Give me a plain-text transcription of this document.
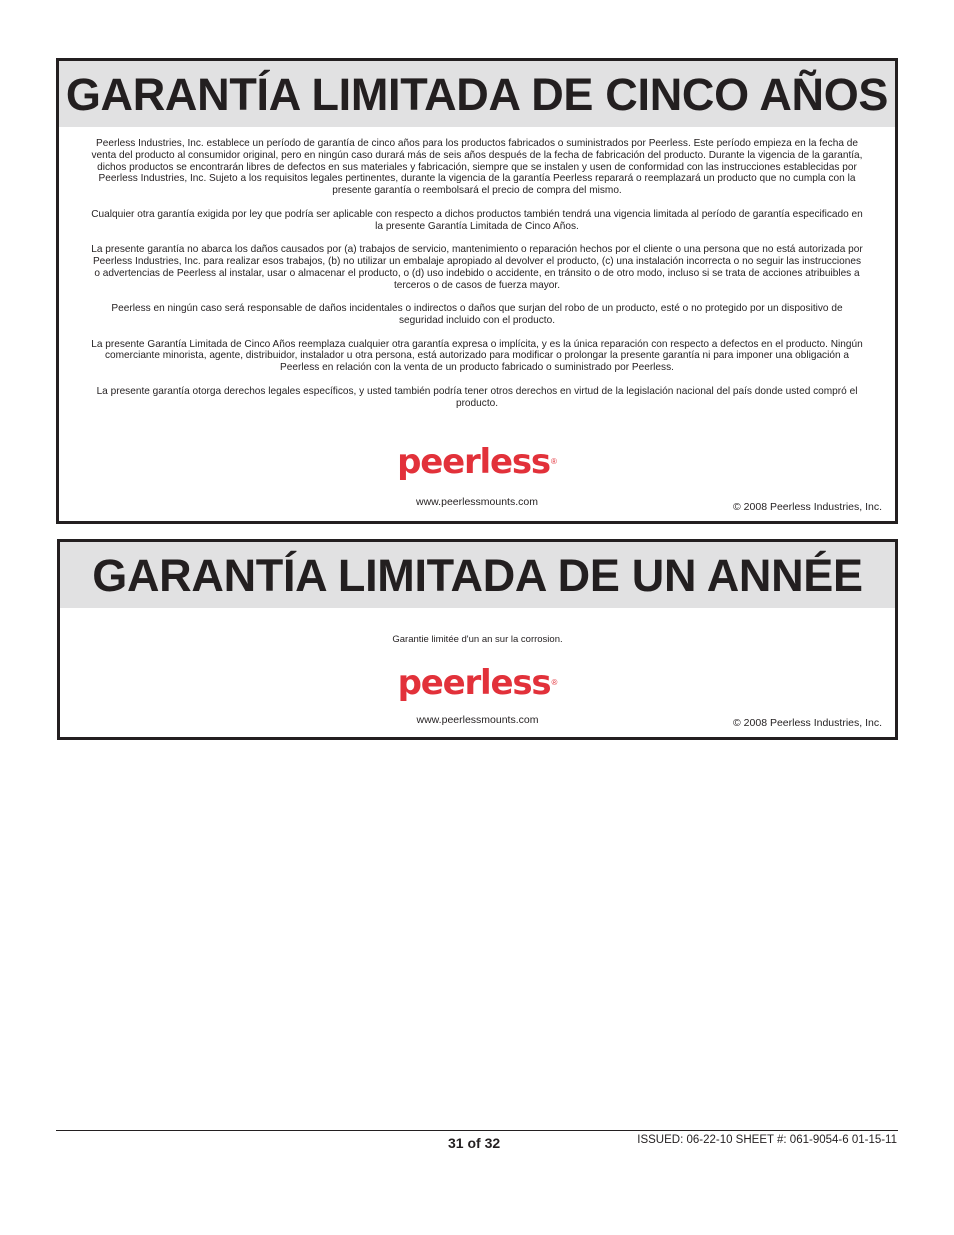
GARANTÍA LIMITADA DE CINCO AÑOS

Peerless Industries, Inc. establece un período de garantía de cinco años para los productos fabricados o suministrados por Peerless. Este período empieza en la fecha de venta del producto al consumidor original, pero en ningún caso durará más de seis años después de la fecha de fabricación del producto. Durante la vigencia de la garantía, dichos productos se encontrarán libres de defectos en sus materiales y fabricación, siempre que se instalen y usen de conformidad con las instrucciones establecidas por Peerless Industries, Inc. Sujeto a los requisitos legales pertinentes, durante la vigencia de la garantía Peerless reparará o reemplazará un producto que no cumpla con la presente garantía o reembolsará el precio de compra del mismo.

Cualquier otra garantía exigida por ley que podría ser aplicable con respecto a dichos productos también tendrá una vigencia limitada al período de garantía especificado en la presente Garantía Limitada de Cinco Años.

La presente garantía no abarca los daños causados por (a) trabajos de servicio, mantenimiento o reparación hechos por el cliente o una persona que no está autorizada por Peerless Industries, Inc. para realizar esos trabajos, (b) no utilizar un embalaje apropiado al devolver el producto, (c) una instalación incorrecta o no seguir las instrucciones o advertencias de Peerless al instalar, usar o almacenar el producto, o (d) uso indebido o accidente, en tránsito o de otro modo, incluso si se trata de acciones atribuibles a terceros o de casos de fuerza mayor.

Peerless en ningún caso será responsable de daños incidentales o indirectos o daños que surjan del robo de un producto, esté o no protegido por un dispositivo de seguridad incluido con el producto.

La presente Garantía Limitada de Cinco Años reemplaza cualquier otra garantía expresa o implícita, y es la única reparación con respecto a defectos en el producto. Ningún comerciante minorista, agente, distribuidor, instalador u otra persona, está autorizado para modificar o prolongar la presente garantía ni para imponer una obligación a Peerless en relación con la venta de un producto fabricado o suministrado por Peerless.

La presente garantía otorga derechos legales específicos, y usted también podría tener otros derechos en virtud de la legislación nacional del país donde usted compró el producto.

peerless ®
www.peerlessmounts.com	© 2008 Peerless Industries, Inc.
GARANTÍA LIMITADA DE UN ANNÉE

Garantie limitée d'un an sur la corrosion.

peerless ®
www.peerlessmounts.com	© 2008 Peerless Industries, Inc.
31 of 32	ISSUED: 06-22-10 SHEET #: 061-9054-6 01-15-11
